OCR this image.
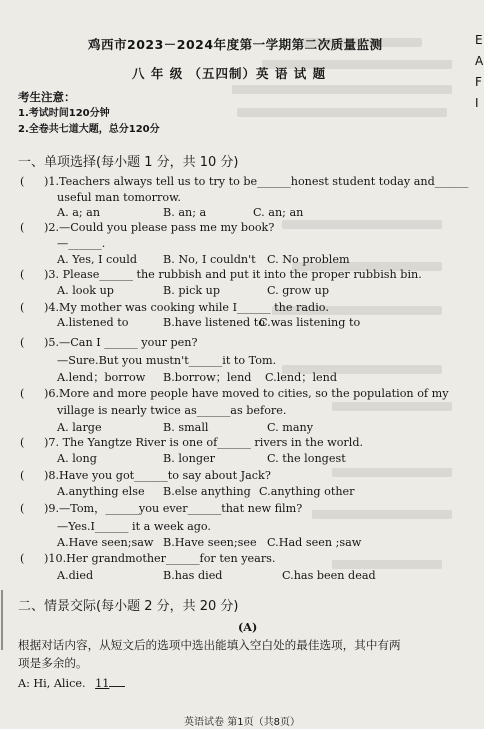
E
A
F
I
鸡西市2023－2024年度第一学期第二次质量监测
八 年 级 （五四制）英 语 试 题
考生注意：
1.考试时间120分钟
2.全卷共七道大题，总分120分
一、单项选择(每小题 1 分，共 10 分)
( )1.Teachers always tell us to try to be______honest student today and______
useful man tomorrow.
A. a; an	B. an; a	C. an; an
( )2.—Could you please pass me my book?
—______.
A. Yes, I could B. No, I couldn't C. No problem
( )3. Please______ the rubbish and put it into the proper rubbish bin.
A. look up	B. pick up	C. grow up
( )4.My mother was cooking while I______ the radio.
A.listened to	B.have listened to
C.was listening to
( )5.—Can I ______ your pen?
—Sure.But you mustn't______it to Tom.
A.lend；borrow B.borrow；lend C.lend；lend
( )6.More and more people have moved to cities, so the population of my
village is nearly twice as______as before.
A. large	B. small	C. many
( )7. The Yangtze River is one of______ rivers in the world.
A. long	B. longer	C. the longest
( )8.Have you got______to say about Jack?
A.anything else B.else anything C.anything other
( )9.—Tom，______you ever______that new film?
—Yes.I______ it a week ago.
A.Have seen;saw B.Have seen;see C.Had seen ;saw
( )10.Her grandmother______for ten years.
A.died	B.has died	C.has been dead
二、情景交际(每小题 2 分，共 20 分)
(A)
根据对话内容，从短文后的选项中选出能填入空白处的最佳选项，其中有两
项是多余的。
A: Hi, Alice. 11
英语试卷 第1页（共8页）
